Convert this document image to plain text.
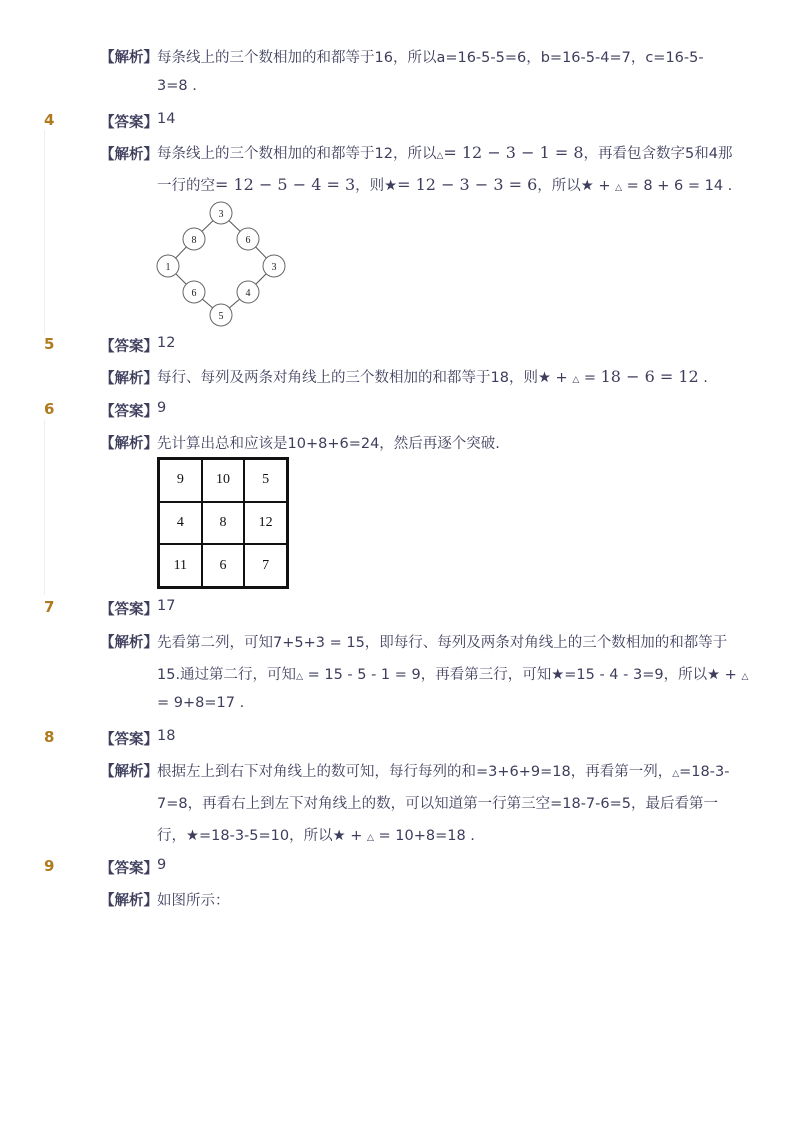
【解析】 每条线上的三个数相加的和都等于16，所以a=16-5-5=6，b=16-5-4=7，c=16-5-
3=8 .
4	【答案】 14
【解析】 每条线上的三个数相加的和都等于12，所以△= 12 − 3 − 1 = 8，再看包含数字5和4那
一行的空= 12 − 5 − 4 = 3，则★= 12 − 3 − 3 = 6，所以★ + △ = 8 + 6 = 14 .
3
8	6
1	3
6	4
5
5	【答案】 12
【解析】 每行、每列及两条对角线上的三个数相加的和都等于18，则★ + △ = 18 − 6 = 12 .
6	【答案】 9
【解析】 先计算出总和应该是10+8+6=24，然后再逐个突破.
9	10	5
4	8	12
11	6	7
7	【答案】 17
【解析】 先看第二列，可知7+5+3 = 15，即每行、每列及两条对角线上的三个数相加的和都等于
15.通过第二行，可知△ = 15 - 5 - 1 = 9，再看第三行，可知★=15 - 4 - 3=9，所以★ + △
= 9+8=17 .
8	【答案】 18
【解析】 根据左上到右下对角线上的数可知，每行每列的和=3+6+9=18，再看第一列，△=18-3-
7=8，再看右上到左下对角线上的数，可以知道第一行第三空=18-7-6=5，最后看第一
行，★=18-3-5=10，所以★ + △ = 10+8=18 .
9	【答案】 9
【解析】 如图所示：
